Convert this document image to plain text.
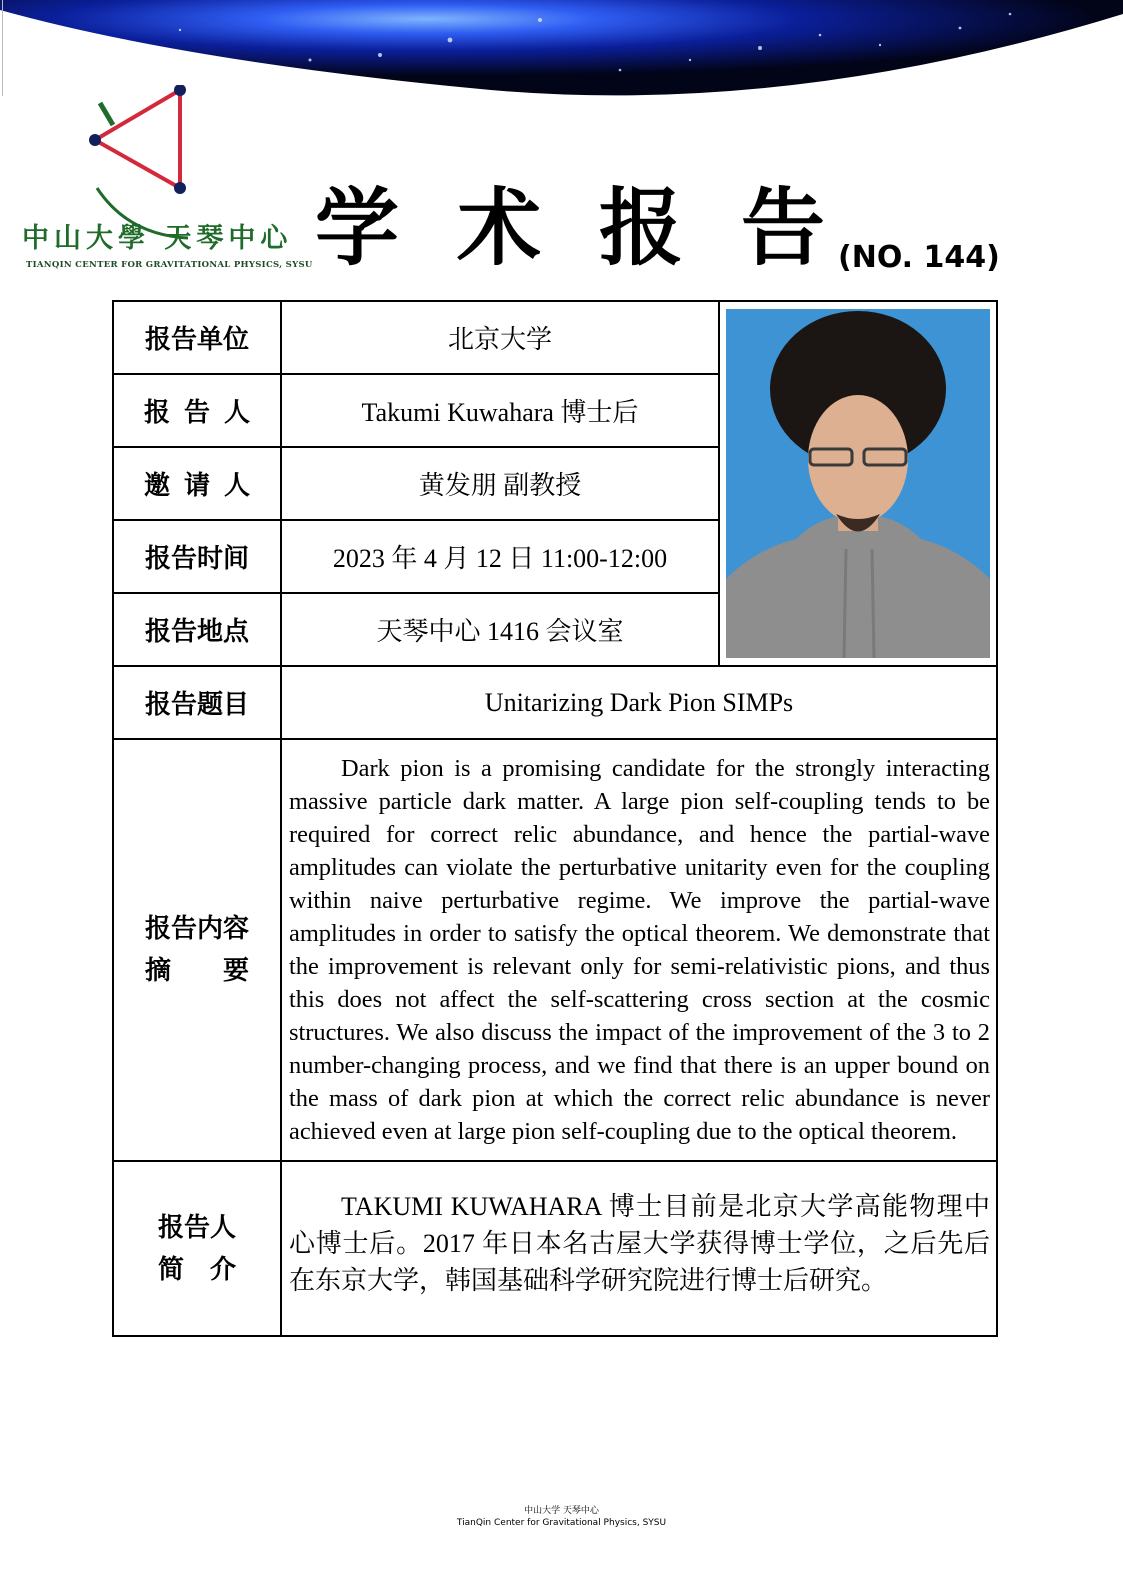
中山大學 天琴中心
TIANQIN CENTER FOR GRAVITATIONAL PHYSICS, SYSU 学术报告
(NO. 144)
报告单位	北京大学	

报告人	Takumi Kuwahara 博士后	
邀请人	黄发朋 副教授	
报告时间	2023 年 4 月 12 日 11:00-12:00	
报告地点	天琴中心 1416 会议室	
报告题目	Unitarizing Dark Pion SIMPs	

报告内容
摘　　要	Dark pion is a promising candidate for the strongly interacting massive particle dark matter. A large pion self-coupling tends to be required for correct relic abundance, and hence the partial-wave amplitudes can violate the perturbative unitarity even for the coupling within naive perturbative regime. We improve the partial-wave amplitudes in order to satisfy the optical theorem. We demonstrate that the improvement is relevant only for semi-relativistic pions, and thus this does not affect the self-scattering cross section at the cosmic structures. We also discuss the impact of the improvement of the 3 to 2 number-changing process, and we find that there is an upper bound on the mass of dark pion at which the correct relic abundance is never achieved even at large pion self-coupling due to the optical theorem.	

报告人
简　介	TAKUMI KUWAHARA 博士目前是北京大学高能物理中心博士后。2017 年日本名古屋大学获得博士学位，之后先后在东京大学，韩国基础科学研究院进行博士后研究。	

中山大学 天琴中心
TianQin Center for Gravitational Physics, SYSU
